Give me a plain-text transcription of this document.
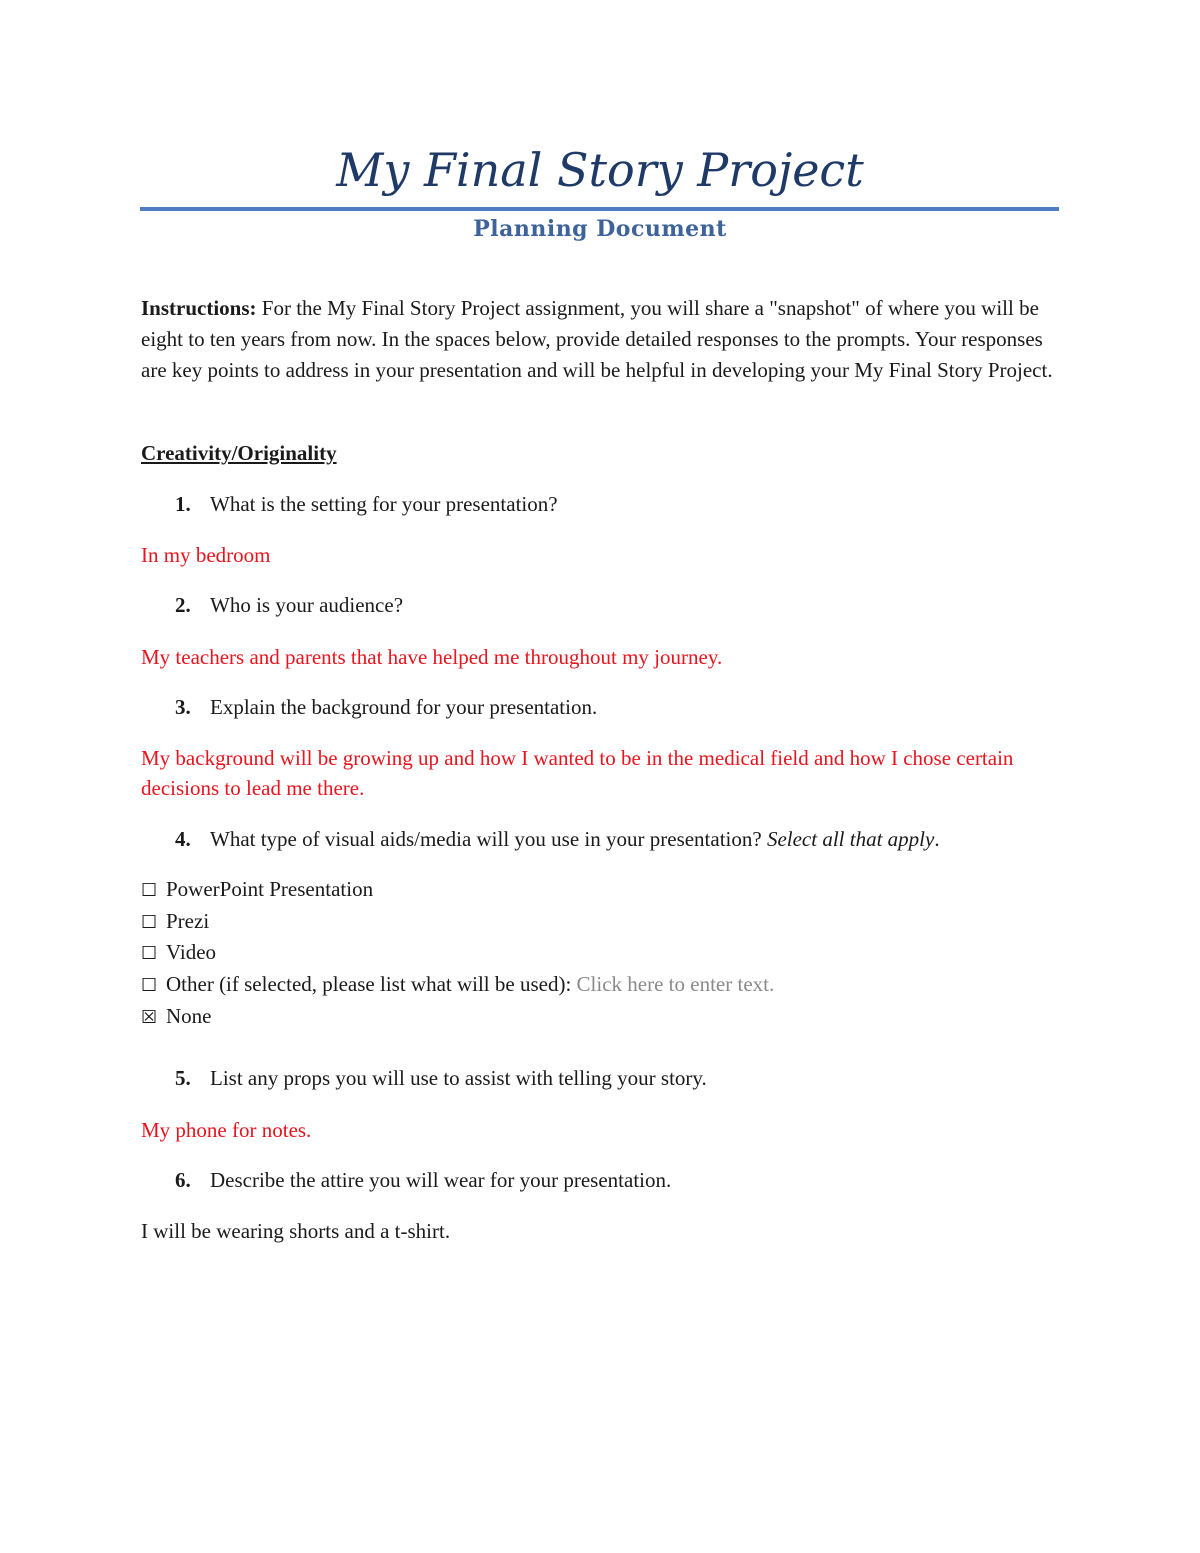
My Final Story Project
Planning Document
Instructions: For the My Final Story Project assignment, you will share a "snapshot" of where you will be eight to ten years from now. In the spaces below, provide detailed responses to the prompts. Your responses are key points to address in your presentation and will be helpful in developing your My Final Story Project.
Creativity/Originality
1. What is the setting for your presentation?
In my bedroom
2. Who is your audience?
My teachers and parents that have helped me throughout my journey.
3. Explain the background for your presentation.
My background will be growing up and how I wanted to be in the medical field and how I chose certain decisions to lead me there.
4. What type of visual aids/media will you use in your presentation? Select all that apply.
☐ PowerPoint Presentation
☐ Prezi
☐ Video
☐ Other (if selected, please list what will be used): Click here to enter text.
☒ None
5. List any props you will use to assist with telling your story.
My phone for notes.
6. Describe the attire you will wear for your presentation.
I will be wearing shorts and a t-shirt.
